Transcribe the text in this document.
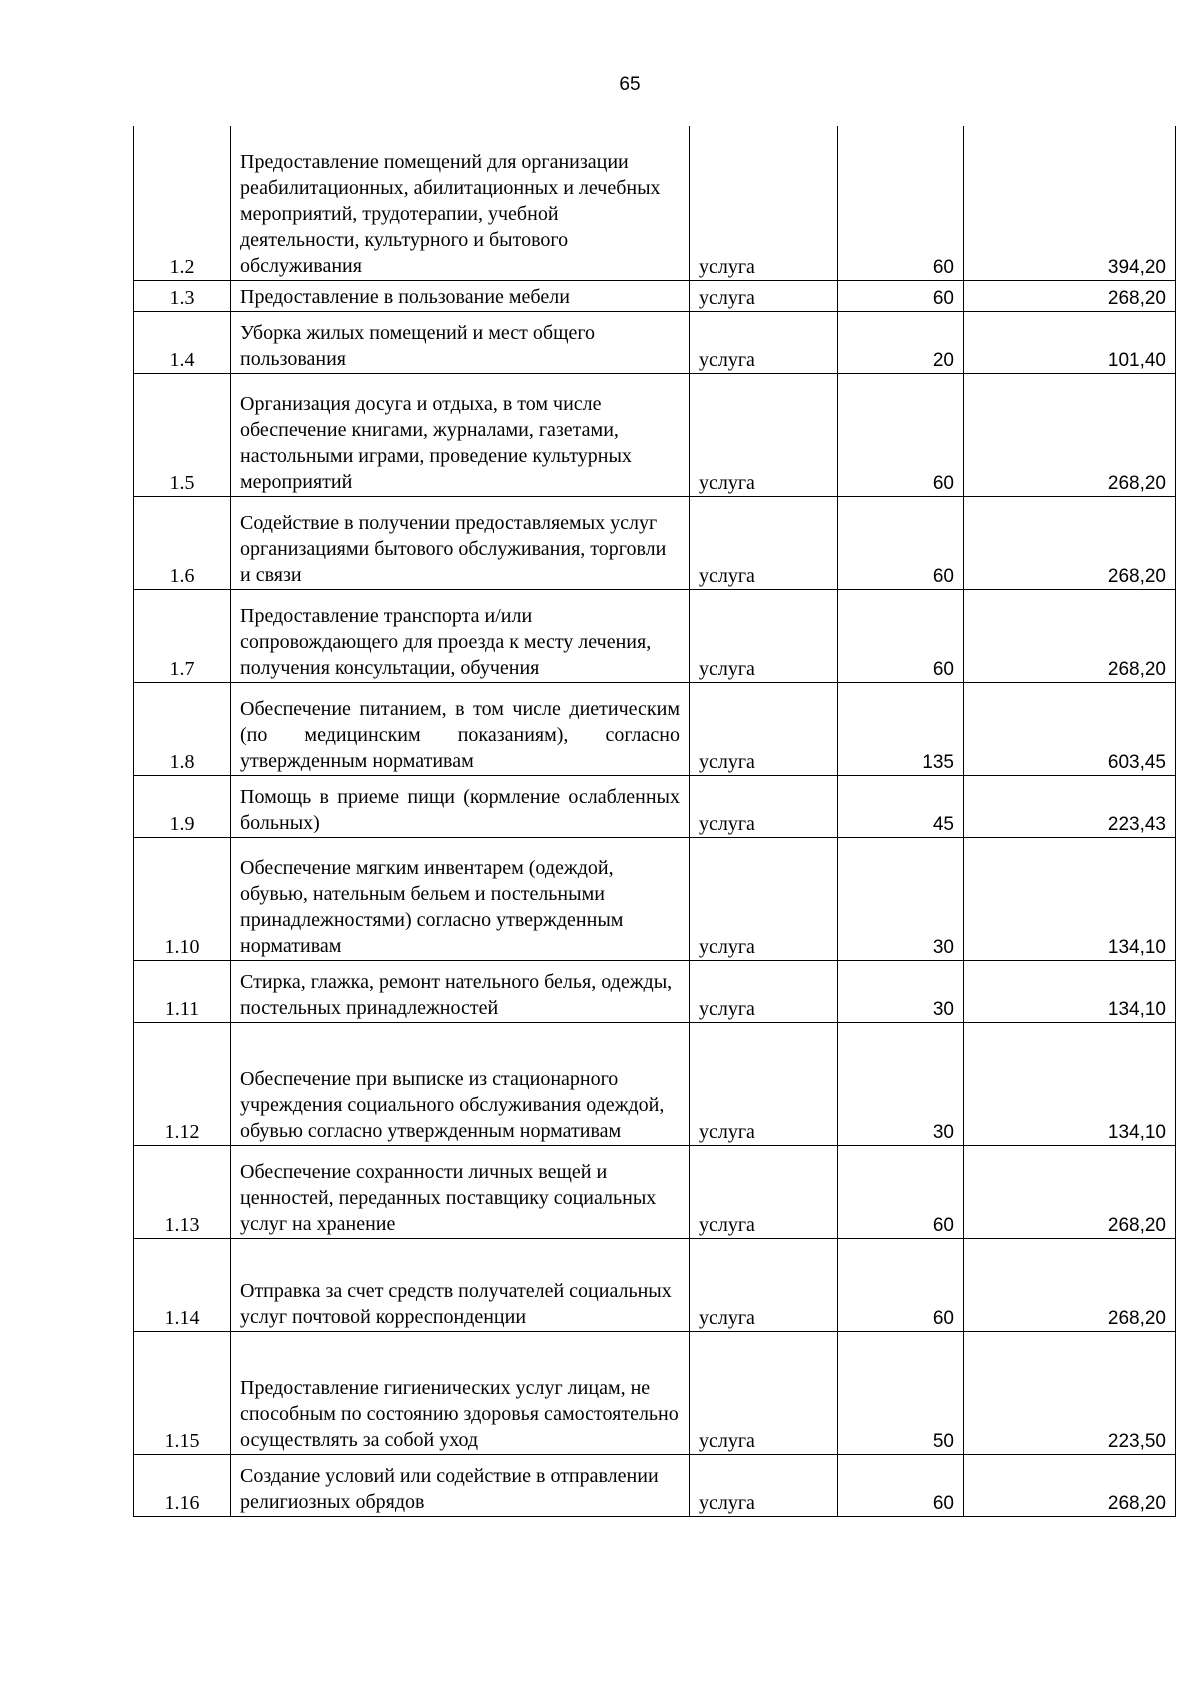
65
1.2	Предоставление помещений для организации реабилитационных, абилитационных и лечебных мероприятий, трудотерапии, учебной деятельности, культурного и бытового обслуживания	услуга	60	394,20
1.3	Предоставление в пользование мебели	услуга	60	268,20
1.4	Уборка жилых помещений и мест общего пользования	услуга	20	101,40
1.5	Организация досуга и отдыха, в том числе обеспечение книгами, журналами, газетами, настольными играми, проведение культурных мероприятий	услуга	60	268,20
1.6	Содействие в получении предоставляемых услуг организациями бытового обслуживания, торговли и связи	услуга	60	268,20
1.7	Предоставление транспорта и/или сопровождающего для проезда к месту лечения, получения консультации, обучения	услуга	60	268,20
1.8	Обеспечение питанием, в том числе диетическим (по медицинским показаниям), согласно утвержденным нормативам	услуга	135	603,45
1.9	Помощь в приеме пищи (кормление ослабленных больных)	услуга	45	223,43
1.10	Обеспечение мягким инвентарем (одеждой, обувью, нательным бельем и постельными принадлежностями) согласно утвержденным нормативам	услуга	30	134,10
1.11	Стирка, глажка, ремонт нательного белья, одежды, постельных принадлежностей	услуга	30	134,10
1.12	Обеспечение при выписке из стационарного учреждения социального обслуживания одеждой, обувью согласно утвержденным нормативам	услуга	30	134,10
1.13	Обеспечение сохранности личных вещей и ценностей, переданных поставщику социальных услуг на хранение	услуга	60	268,20
1.14	Отправка за счет средств получателей социальных услуг почтовой корреспонденции	услуга	60	268,20
1.15	Предоставление гигиенических услуг лицам, не способным по состоянию здоровья самостоятельно осуществлять за собой уход	услуга	50	223,50
1.16	Создание условий или содействие в отправлении религиозных обрядов	услуга	60	268,20
